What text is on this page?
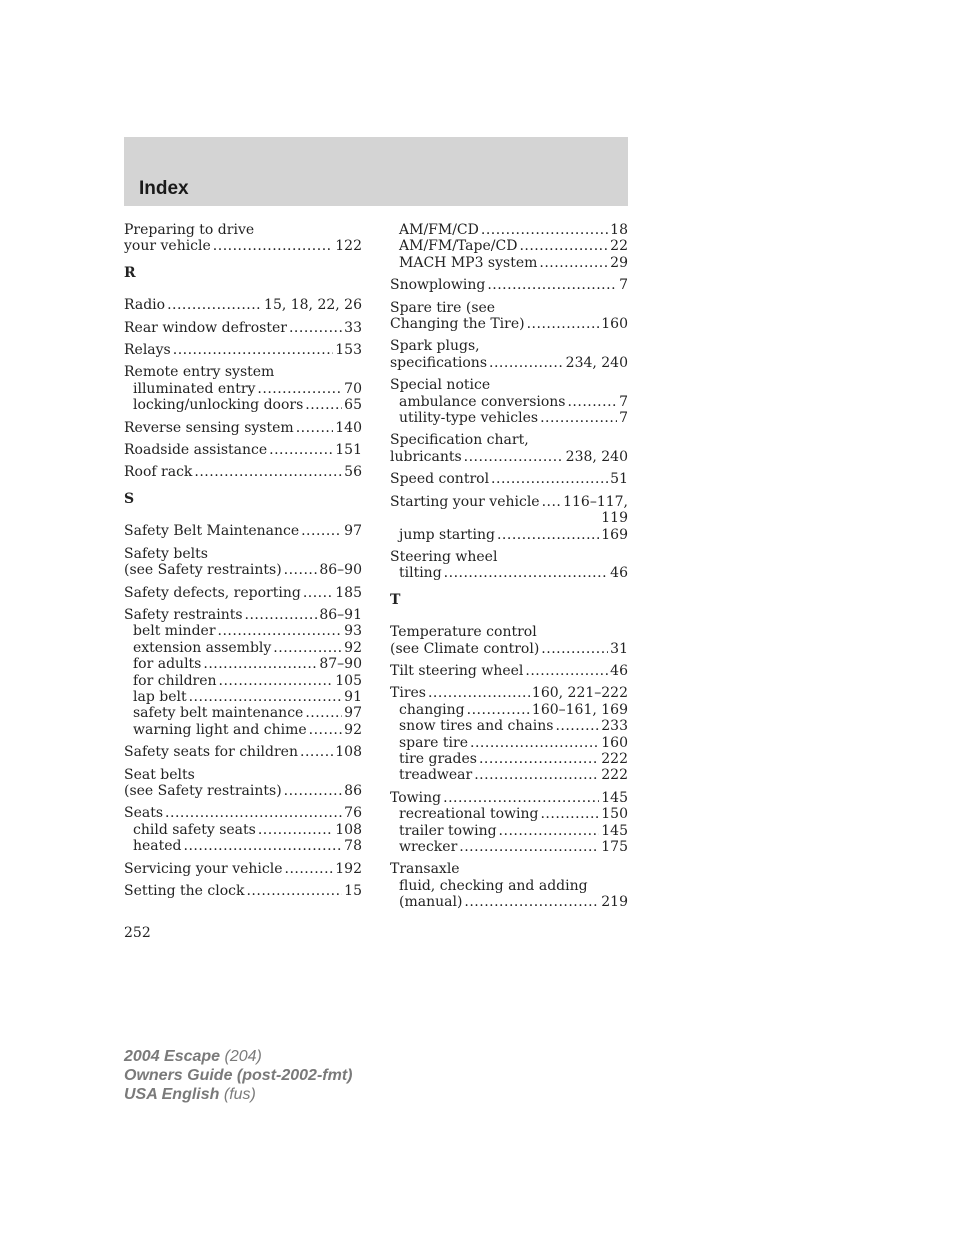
Index
Preparing to drive
your vehicle .....	122
R
Radio .....	15, 18, 22, 26
Rear window defroster .....	33
Relays .....	153
Remote entry system
illuminated entry .....	70
locking/unlocking doors .....	65
Reverse sensing system .....	140
Roadside assistance .....	151
Roof rack .....	56
S
Safety Belt Maintenance .....	97
Safety belts
(see Safety restraints) .....	86–90
Safety defects, reporting ..... 185
Safety restraints .....	86–91
belt minder .....	93
extension assembly .....	92
for adults .....	87–90
for children .....	105
lap belt .....	91
safety belt maintenance .....	97
warning light and chime .....	92
Safety seats for children .....	108
Seat belts
(see Safety restraints) .....	86
Seats .....	76
child safety seats .....	108
heated .....	78
Servicing your vehicle .....	192
Setting the clock .....	15
AM/FM/CD .....	18
AM/FM/Tape/CD .....	22
MACH MP3 system .....	29
Snowplowing .....	7
Spare tire (see
Changing the Tire) .....	160
Spark plugs,
specifications .....	234, 240
Special notice
ambulance conversions .....	7
utility-type vehicles .....	7
Specification chart,
lubricants .....	238, 240
Speed control .....	51
Starting your vehicle ..... 116–117,
119
jump starting .....	169
Steering wheel
tilting .....	46
T
Temperature control
(see Climate control) .....	31
Tilt steering wheel .....	46
Tires .....	160, 221–222
changing .....	160–161, 169
snow tires and chains .....	233
spare tire .....	160
tire grades .....	222
treadwear .....	222
Towing .....	145
recreational towing .....	150
trailer towing .....	145
wrecker .....	175
Transaxle
fluid, checking and adding
(manual) .....	219
252
2004 Escape (204)
Owners Guide (post-2002-fmt)
USA English (fus)
